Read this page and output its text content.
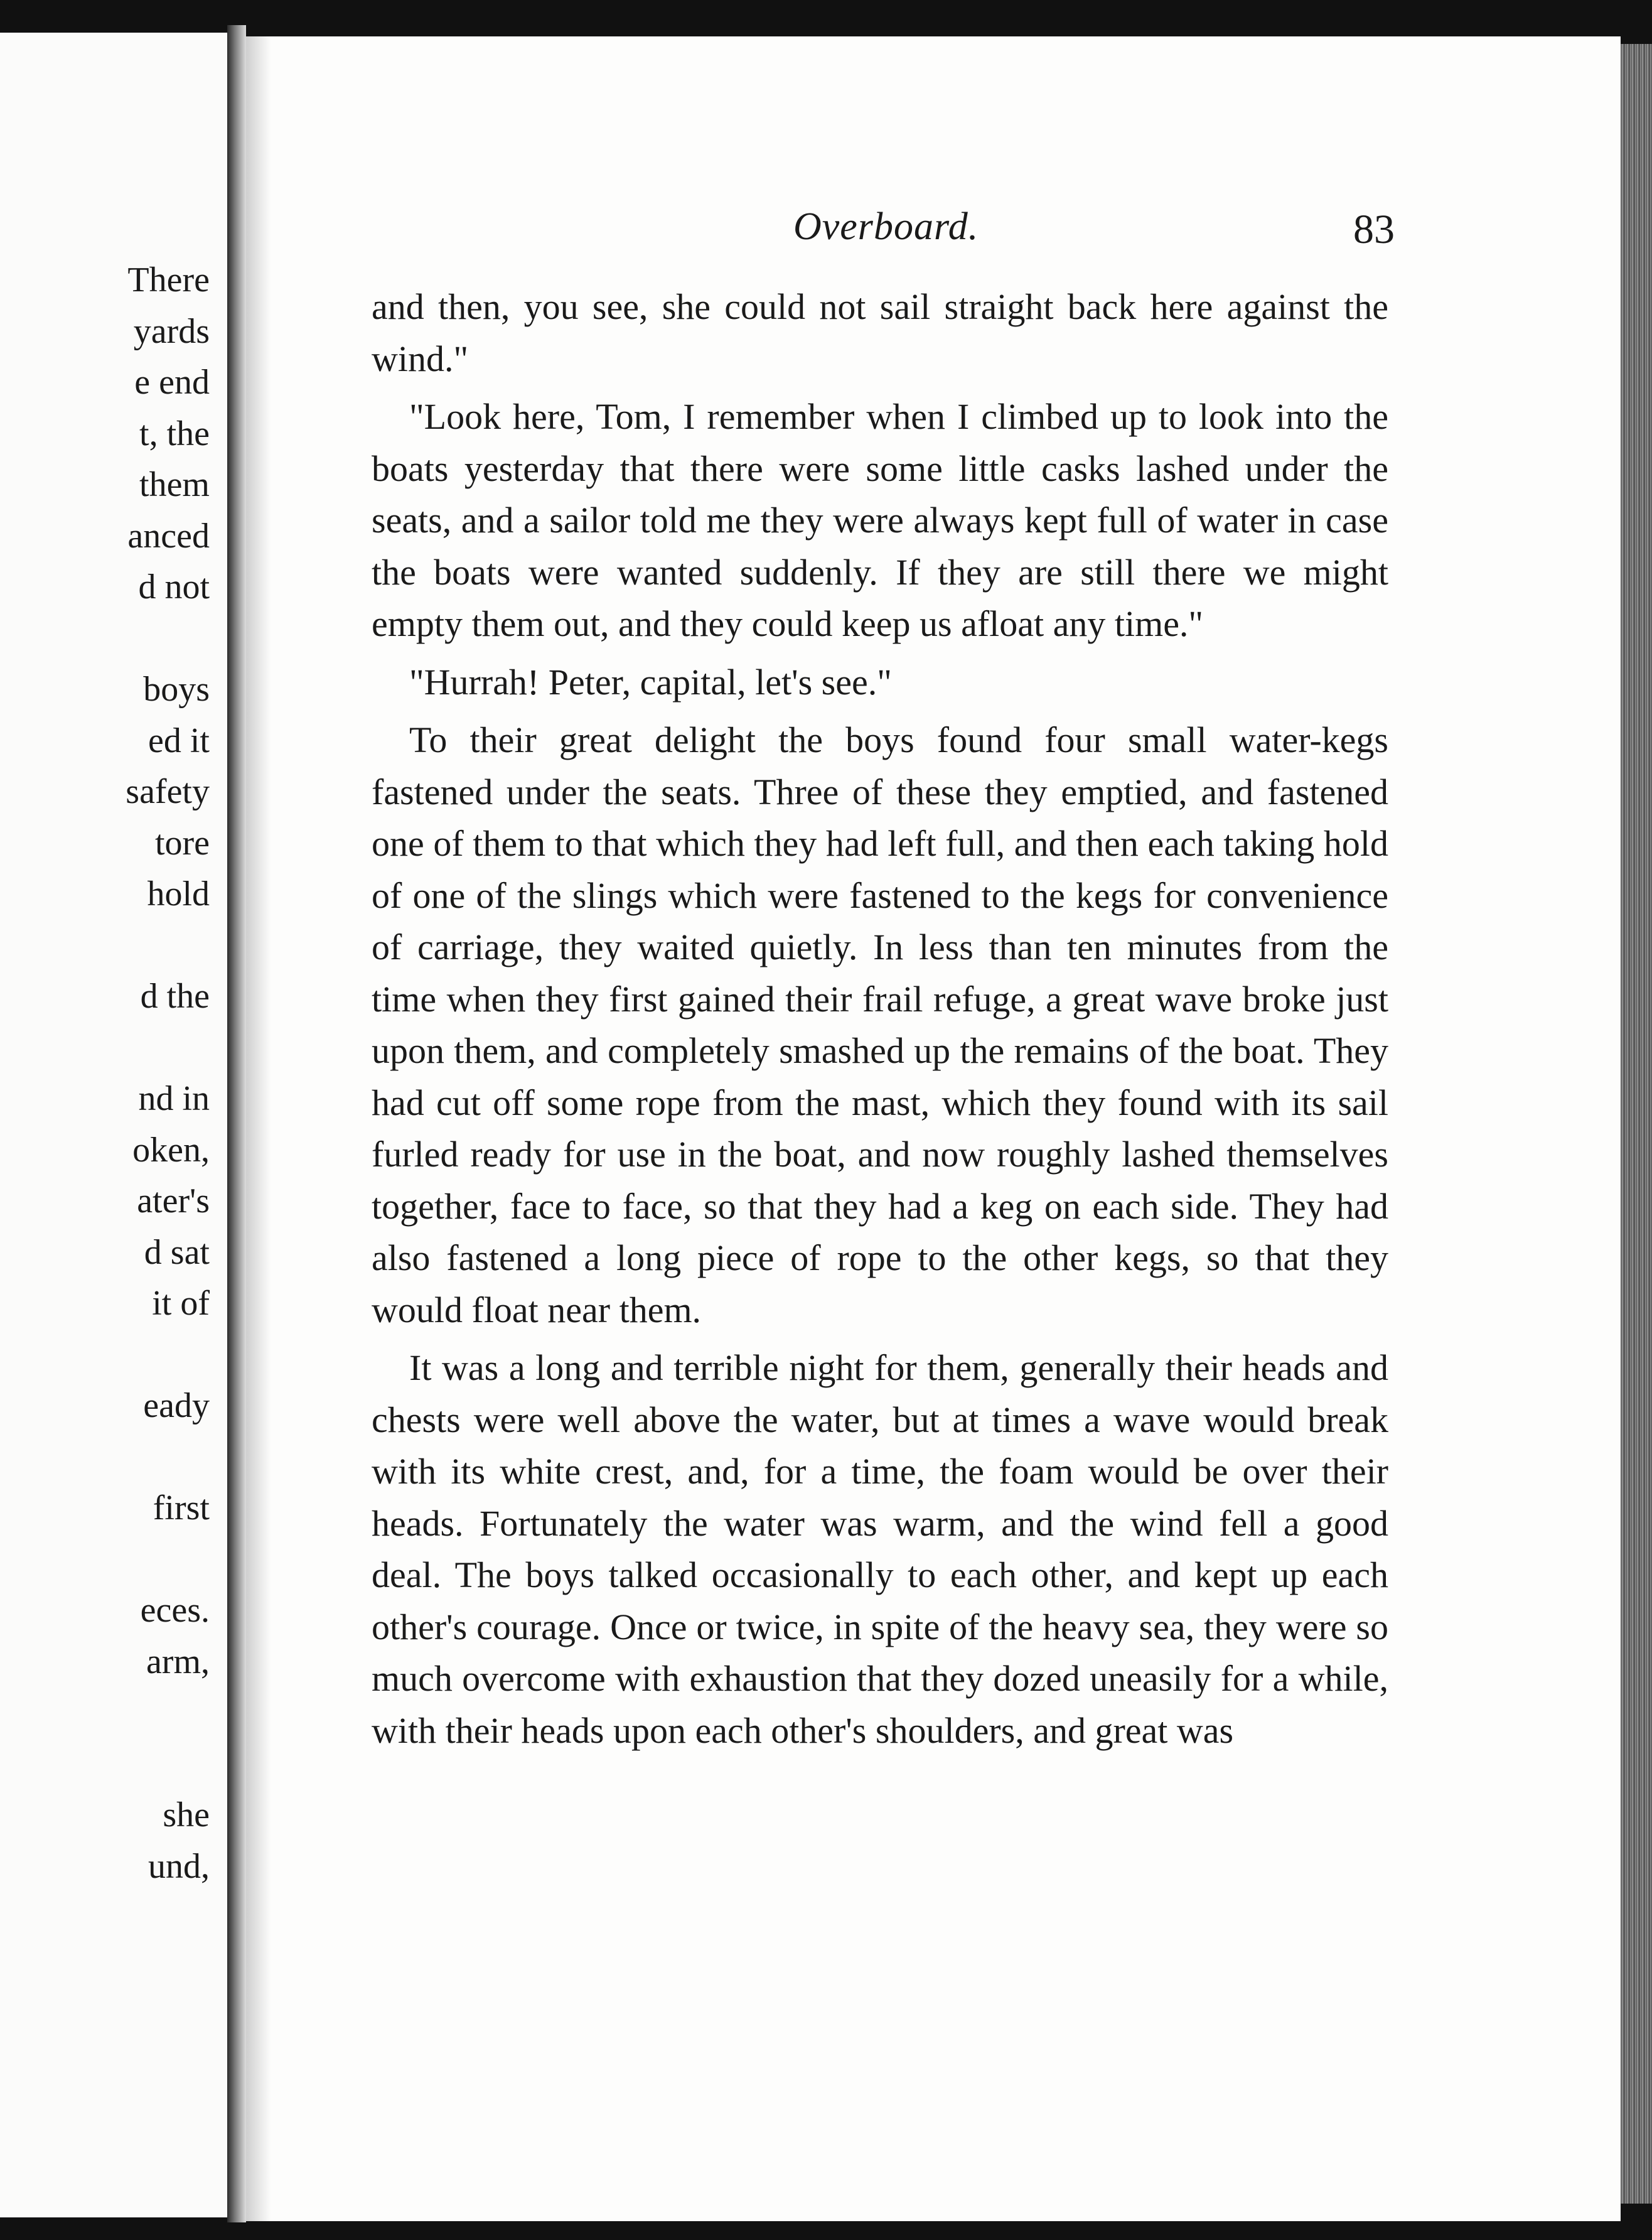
There
yards
e end
t, the
them
anced
d not
boys
ed it
safety
tore
hold
d the
nd in
oken,
ater's
d sat
it of
eady
first
eces.
arm,
she
und,
Overboard.	83

and then, you see, she could not sail straight back here against the wind."

"Look here, Tom, I remember when I climbed up to look into the boats yesterday that there were some little casks lashed under the seats, and a sailor told me they were always kept full of water in case the boats were wanted suddenly. If they are still there we might empty them out, and they could keep us afloat any time."

"Hurrah! Peter, capital, let's see."

To their great delight the boys found four small water-kegs fastened under the seats. Three of these they emptied, and fastened one of them to that which they had left full, and then each taking hold of one of the slings which were fastened to the kegs for convenience of carriage, they waited quietly. In less than ten minutes from the time when they first gained their frail refuge, a great wave broke just upon them, and completely smashed up the remains of the boat. They had cut off some rope from the mast, which they found with its sail furled ready for use in the boat, and now roughly lashed themselves together, face to face, so that they had a keg on each side. They had also fastened a long piece of rope to the other kegs, so that they would float near them.

It was a long and terrible night for them, generally their heads and chests were well above the water, but at times a wave would break with its white crest, and, for a time, the foam would be over their heads. Fortunately the water was warm, and the wind fell a good deal. The boys talked occasionally to each other, and kept up each other's courage. Once or twice, in spite of the heavy sea, they were so much overcome with exhaustion that they dozed uneasily for a while, with their heads upon each other's shoulders, and great was
